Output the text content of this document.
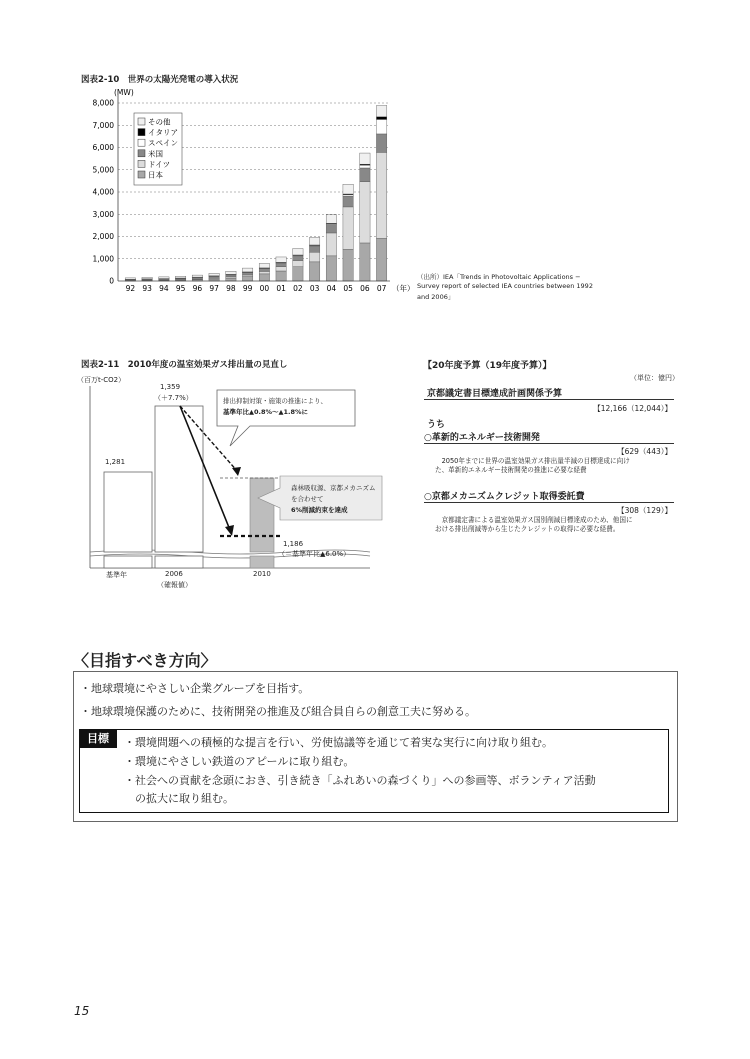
図表2-10　世界の太陽光発電の導入状況
0
1,000
2,000
3,000
4,000
5,000
6,000
7,000
8,000
(MW)
92 93 94 95 96 97 98 99 00 01 02 03 04 05 06 07 （年）
その他
イタリア
スペイン
米国
ドイツ
日本
（出所）IEA「Trends in Photovoltaic Applications −
Survey report of selected IEA countries between 1992
and 2006」
図表2-11　2010年度の温室効果ガス排出量の見直し
（百万t-CO2）
1,281
1,359
（＋7.7%）	排出抑制対策・施策の推進により、
基準年比▲0.8%〜▲1.8%に
森林吸収源、京都メカニズム
を合わせて
6%削減約束を達成
1,186
（＝基準年比▲6.0%）
基準年	2006
（確報値）
2010
【20年度予算（19年度予算）】
（単位：億円）
京都議定書目標達成計画関係予算
【12,166（12,044）】
うち
○革新的エネルギー技術開発
【629（443）】
　2050年までに世界の温室効果ガス排出量半減の目標達成に向け
た、革新的エネルギー技術開発の推進に必要な経費
○京都メカニズムクレジット取得委託費
【308（129）】
　京都議定書による温室効果ガス国別削減目標達成のため、他国に
おける排出削減等から生じたクレジットの取得に必要な経費。
〈目指すべき方向〉
・地球環境にやさしい企業グループを目指す。
・地球環境保護のために、技術開発の推進及び組合員自らの創意工夫に努める。
目標	・環境問題への積極的な提言を行い、労使協議等を通じて着実な実行に向け取り組む。
・環境にやさしい鉄道のアピールに取り組む。
・社会への貢献を念頭におき、引き続き「ふれあいの森づくり」への参画等、ボランティア活動
　の拡大に取り組む。
15
